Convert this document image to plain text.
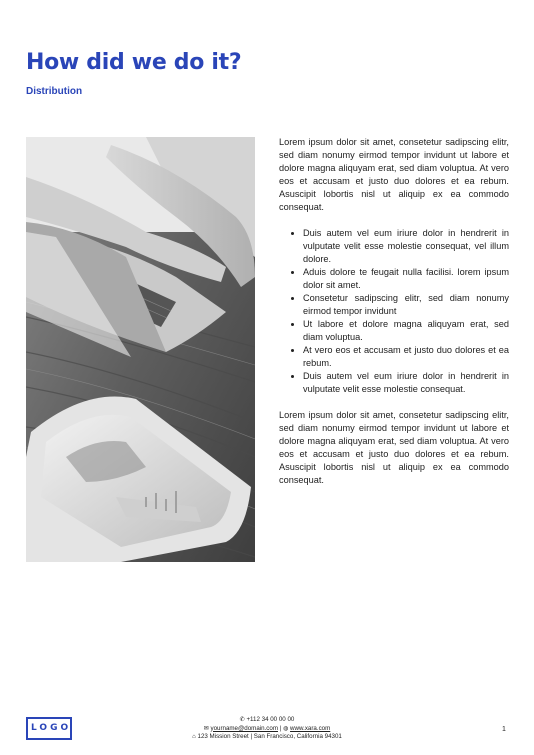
How did we do it?
Distribution

Lorem ipsum dolor sit amet, consetetur sadipscing elitr, sed diam nonumy eirmod tempor invidunt ut labore et dolore magna aliquyam erat, sed diam voluptua. At vero eos et accusam et justo duo dolores et ea rebum. Asuscipit lobortis nisl ut aliquip ex ea commodo consequat.

• Duis autem vel eum iriure dolor in hendrerit in vulputate velit esse molestie consequat, vel illum dolore.
• Aduis dolore te feugait nulla facilisi. lorem ipsum dolor sit amet.
• Consetetur sadipscing elitr, sed diam nonumy eirmod tempor invidunt
• Ut labore et dolore magna aliquyam erat, sed diam voluptua.
• At vero eos et accusam et justo duo dolores et ea rebum.
• Duis autem vel eum iriure dolor in hendrerit in vulputate velit esse molestie consequat.

Lorem ipsum dolor sit amet, consetetur sadipscing elitr, sed diam nonumy eirmod tempor invidunt ut labore et dolore magna aliquyam erat, sed diam voluptua. At vero eos et accusam et justo duo dolores et ea rebum. Asuscipit lobortis nisl ut aliquip ex ea commodo consequat.

LOGO
✆ +112 34 00 00 00
✉ yourname@domain.com | ◍ www.xara.com
⌂ 123 Mission Street | San Francisco, California 94301
1
